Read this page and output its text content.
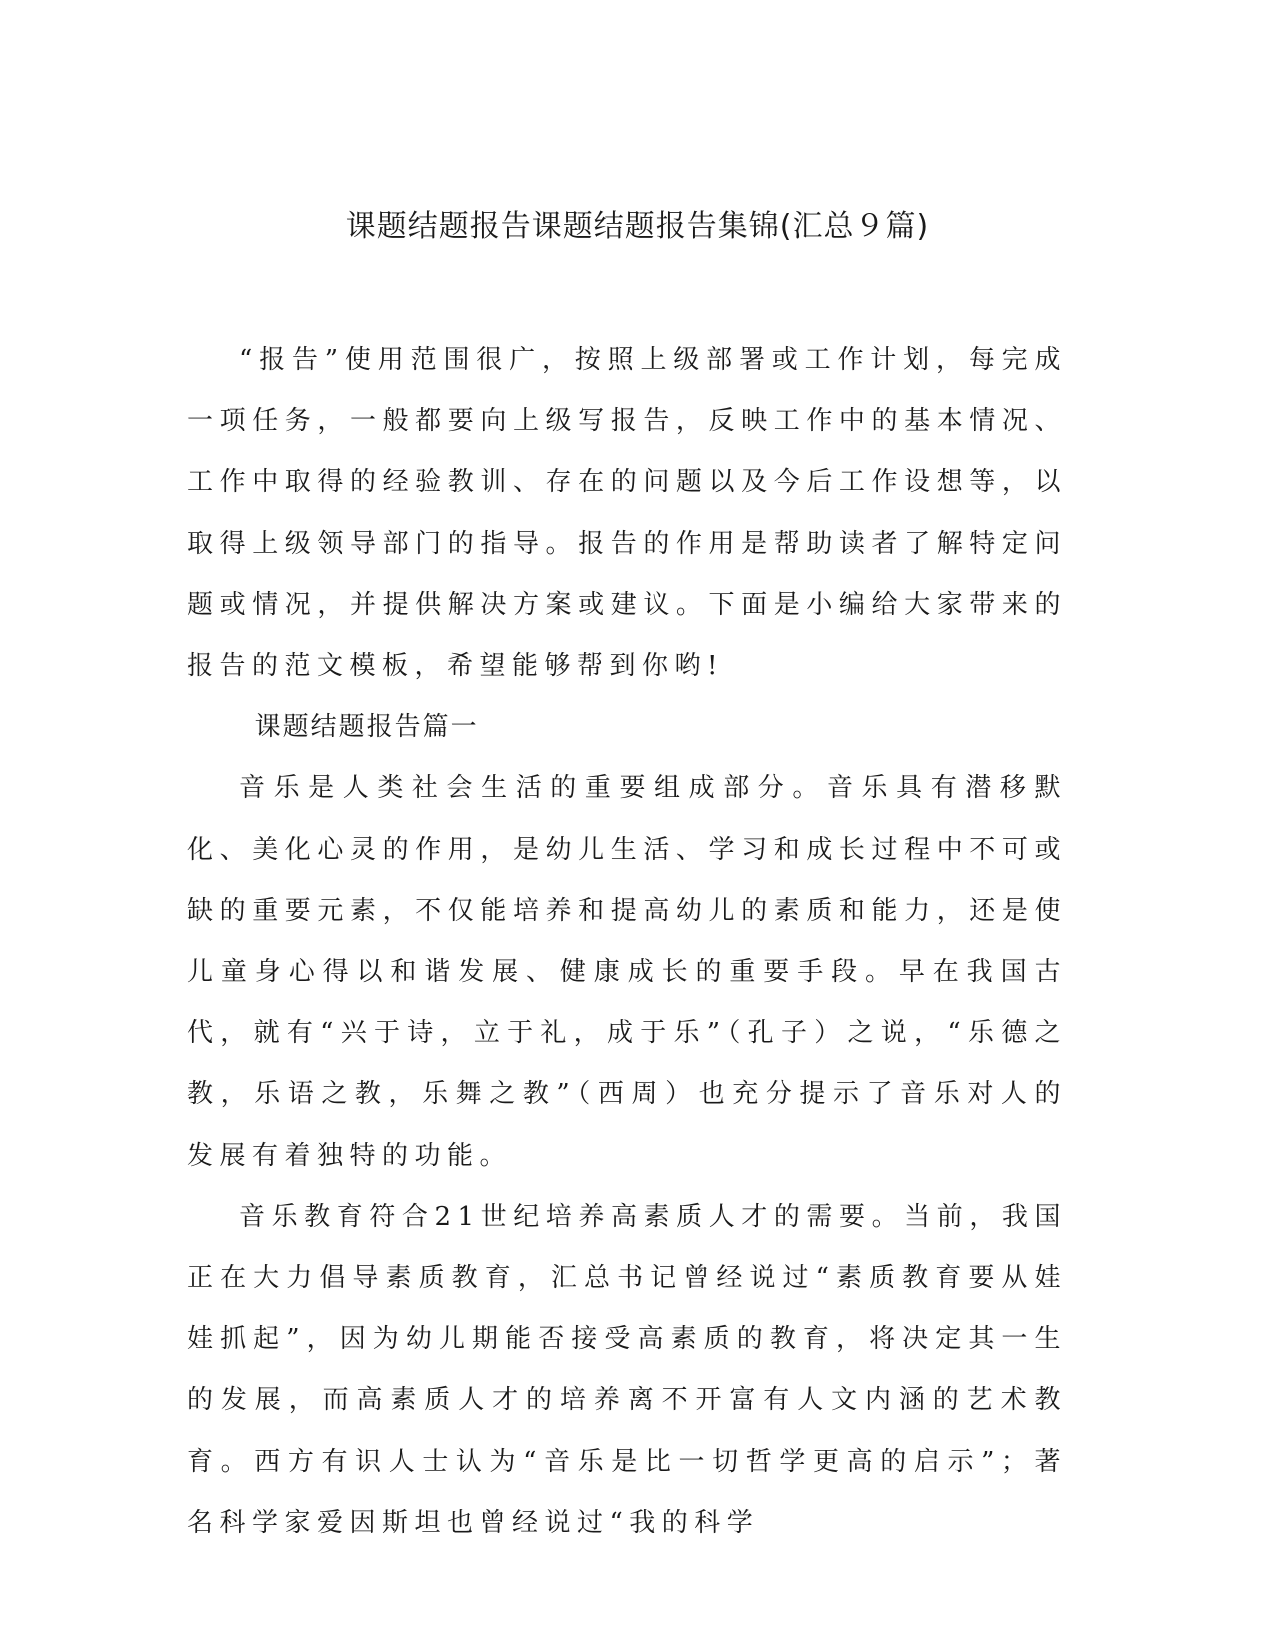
课题结题报告课题结题报告集锦(汇总９篇)

“报告”使用范围很广，按照上级部署或工作计划，每完成一项任务，一般都要向上级写报告，反映工作中的基本情况、工作中取得的经验教训、存在的问题以及今后工作设想等，以取得上级领导部门的指导。报告的作用是帮助读者了解特定问题或情况，并提供解决方案或建议。下面是小编给大家带来的报告的范文模板，希望能够帮到你哟!

课题结题报告篇一

音乐是人类社会生活的重要组成部分。音乐具有潜移默化、美化心灵的作用，是幼儿生活、学习和成长过程中不可或缺的重要元素，不仅能培养和提高幼儿的素质和能力，还是使儿童身心得以和谐发展、健康成长的重要手段。早在我国古代，就有“兴于诗，立于礼，成于乐”（孔子）之说，“乐德之教，乐语之教，乐舞之教”（西周）也充分提示了音乐对人的发展有着独特的功能。

音乐教育符合21世纪培养高素质人才的需要。当前，我国正在大力倡导素质教育，汇总书记曾经说过“素质教育要从娃娃抓起”，因为幼儿期能否接受高素质的教育，将决定其一生的发展，而高素质人才的培养离不开富有人文内涵的艺术教育。西方有识人士认为“音乐是比一切哲学更高的启示”；著名科学家爱因斯坦也曾经说过“我的科学
